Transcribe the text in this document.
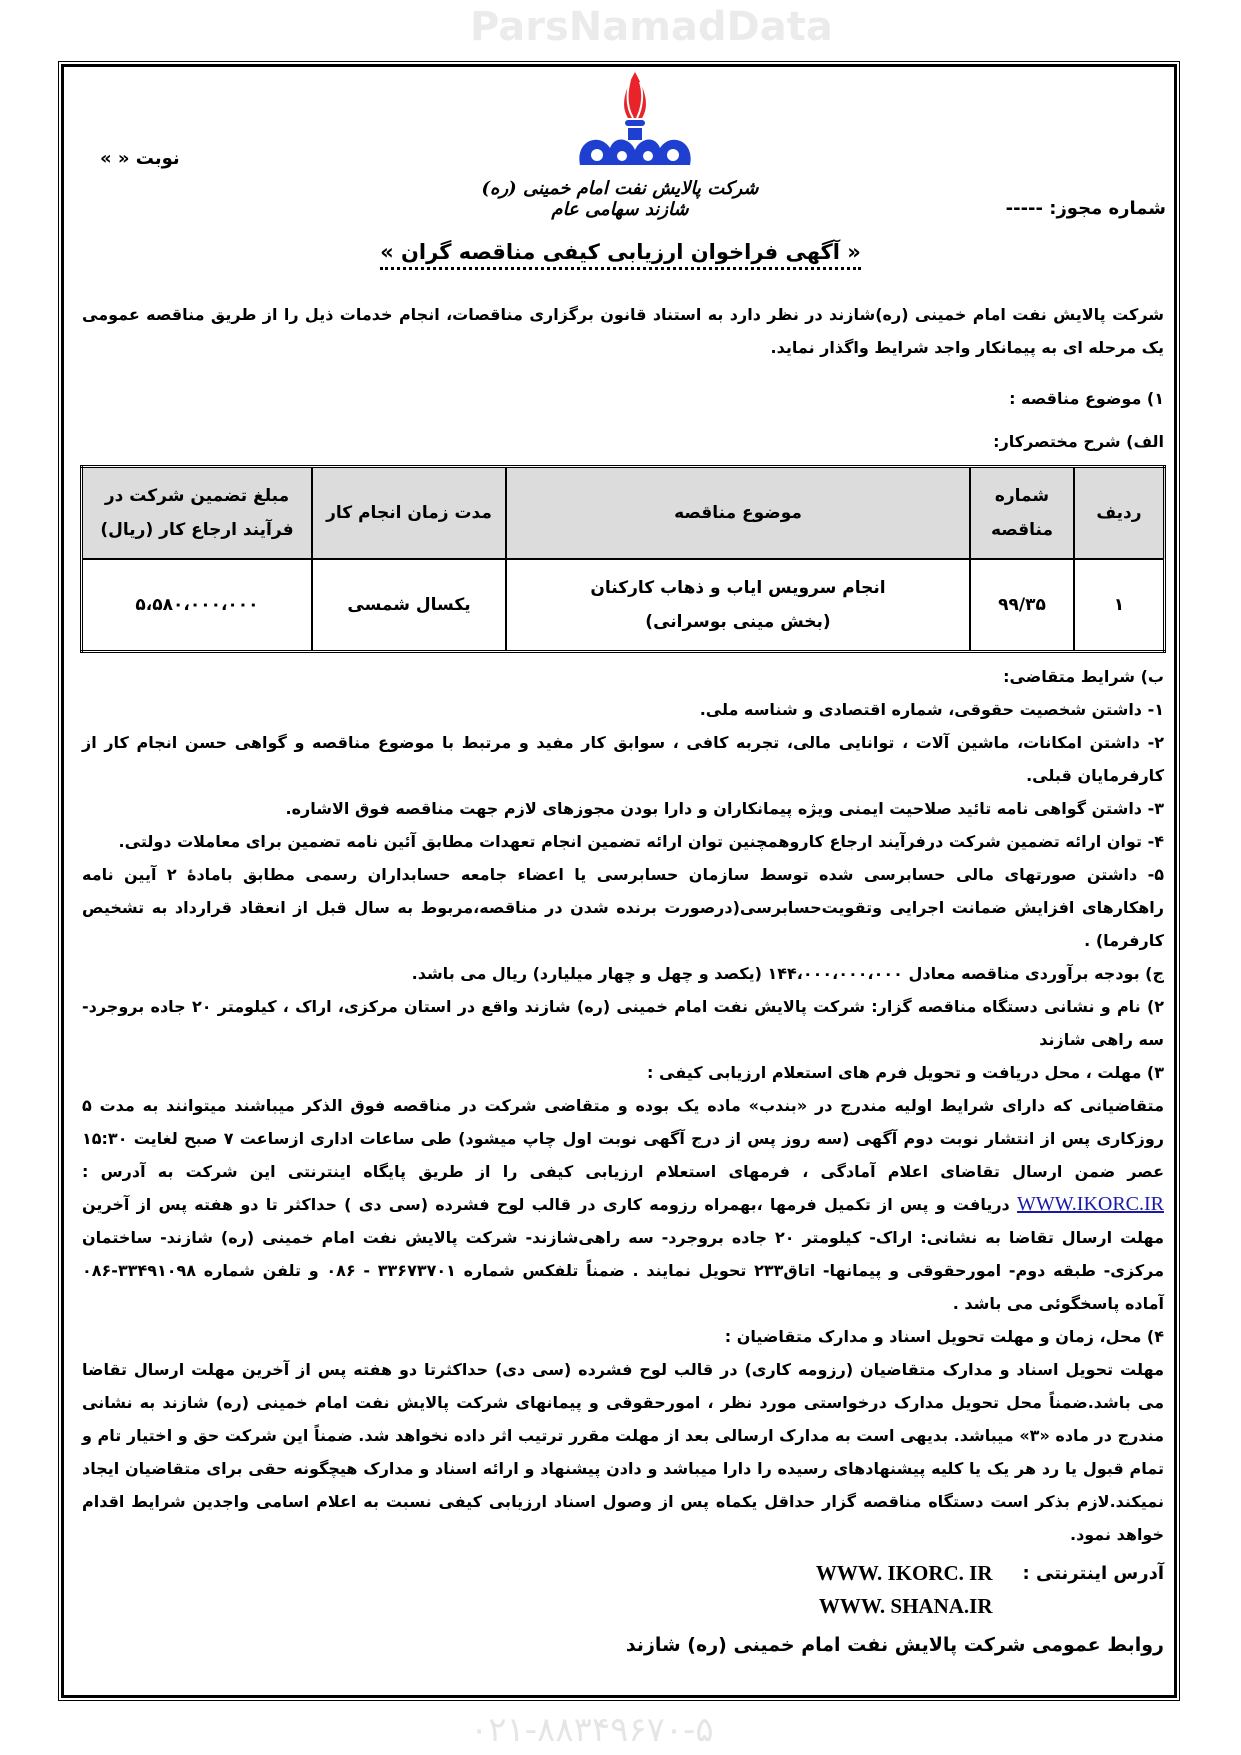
ParsNamadData
۰۲۱-۸۸۳۴۹۶۷۰-۵
شرکت پالایش نفت امام خمینی (ره) شازند سهامی عام
نوبت « »
شماره مجوز: -----
« آگهی فراخوان ارزیابی کیفی مناقصه گران »
شرکت پالایش نفت امام خمینی (ره)شازند در نظر دارد به استناد قانون برگزاری مناقصات، انجام خدمات ذیل را از طریق مناقصه عمومی یک مرحله ای به پیمانکار واجد شرایط واگذار نماید.
۱) موضوع مناقصه :
الف) شرح مختصرکار:
ردیف	شماره مناقصه	موضوع مناقصه	مدت زمان انجام کار	مبلغ تضمین شرکت در فرآیند ارجاع کار (ریال)
۱	۹۹/۳۵	انجام سرویس ایاب و ذهاب کارکنان (بخش مینی بوسرانی)	یکسال شمسی	۵،۵۸۰،۰۰۰،۰۰۰
ب) شرایط متقاضی:
۱- داشتن شخصیت حقوقی، شماره اقتصادی و شناسه ملی.
۲- داشتن امکانات، ماشین آلات ، توانایی مالی، تجربه کافی ، سوابق کار مفید و مرتبط با موضوع مناقصه و گواهی حسن انجام کار از کارفرمایان قبلی.
۳- داشتن گواهی نامه تائید صلاحیت ایمنی ویژه پیمانکاران و دارا بودن مجوزهای لازم جهت مناقصه فوق الاشاره.
۴- توان ارائه تضمین شرکت درفرآیند ارجاع کاروهمچنین توان ارائه تضمین انجام تعهدات مطابق آئین نامه تضمین برای معاملات دولتی.
۵- داشتن صورتهای مالی حسابرسی شده توسط سازمان حسابرسی یا اعضاء جامعه حسابداران رسمی مطابق بامادۀ ۲ آیین نامه راهکارهای افزایش ضمانت اجرایی وتقویت‌حسابرسی(درصورت برنده شدن در مناقصه،مربوط به سال قبل از انعقاد قرارداد به تشخیص کارفرما) .
ج) بودجه برآوردی مناقصه معادل ۱۴۴،۰۰۰،۰۰۰،۰۰۰ (یکصد و چهل و چهار میلیارد) ریال می باشد.
۲) نام و نشانی دستگاه مناقصه گزار: شرکت پالایش نفت امام خمینی (ره) شازند واقع در استان مرکزی، اراک ، کیلومتر ۲۰ جاده بروجرد- سه راهی شازند
۳) مهلت ، محل دریافت و تحویل فرم های استعلام ارزیابی کیفی :
متقاضیانی که دارای شرایط اولیه مندرج در «بندب» ماده یک بوده و متقاضی شرکت در مناقصه فوق الذکر میباشند میتوانند به مدت ۵ روزکاری پس از انتشار نوبت دوم آگهی (سه روز پس از درج آگهی نوبت اول چاپ میشود) طی ساعات اداری ازساعت ۷ صبح لغایت ۱۵:۳۰ عصر ضمن ارسال تقاضای اعلام آمادگی ، فرمهای استعلام ارزیابی کیفی را از طریق پایگاه اینترنتی این شرکت به آدرس : WWW.IKORC.IR دریافت و پس از تکمیل فرمها ،بهمراه رزومه کاری در قالب لوح فشرده (سی دی ) حداکثر تا دو هفته پس از آخرین مهلت ارسال تقاضا به نشانی: اراک- کیلومتر ۲۰ جاده بروجرد- سه راهی‌شازند- شرکت پالایش نفت امام خمینی (ره) شازند- ساختمان مرکزی- طبقه دوم- امورحقوقی و پیمانها- اتاق۲۳۳ تحویل نمایند . ضمناً تلفکس شماره ۳۳۶۷۳۷۰۱ - ۰۸۶ و تلفن شماره ۳۳۴۹۱۰۹۸-۰۸۶ آماده پاسخگوئی می باشد .
۴) محل، زمان و مهلت تحویل اسناد و مدارک متقاضیان :
مهلت تحویل اسناد و مدارک متقاضیان (رزومه کاری) در قالب لوح فشرده (سی دی) حداکثرتا دو هفته پس از آخرین مهلت ارسال تقاضا می باشد.ضمناً محل تحویل مدارک درخواستی مورد نظر ، امورحقوقی و پیمانهای شرکت پالایش نفت امام خمینی (ره) شازند به نشانی مندرج در ماده «۳» میباشد. بدیهی است به مدارک ارسالی بعد از مهلت مقرر ترتیب اثر داده نخواهد شد. ضمناً این شرکت حق و اختیار تام و تمام قبول یا رد هر یک یا کلیه پیشنهادهای رسیده را دارا میباشد و دادن پیشنهاد و ارائه اسناد و مدارک هیچگونه حقی برای متقاضیان ایجاد نمیکند.لازم بذکر است دستگاه مناقصه گزار حداقل یکماه پس از وصول اسناد ارزیابی کیفی نسبت به اعلام اسامی واجدین شرایط اقدام خواهد نمود.
آدرس اینترنتی :
WWW. IKORC. IR
WWW. SHANA.IR
روابط عمومی شرکت پالایش نفت امام خمینی (ره) شازند
